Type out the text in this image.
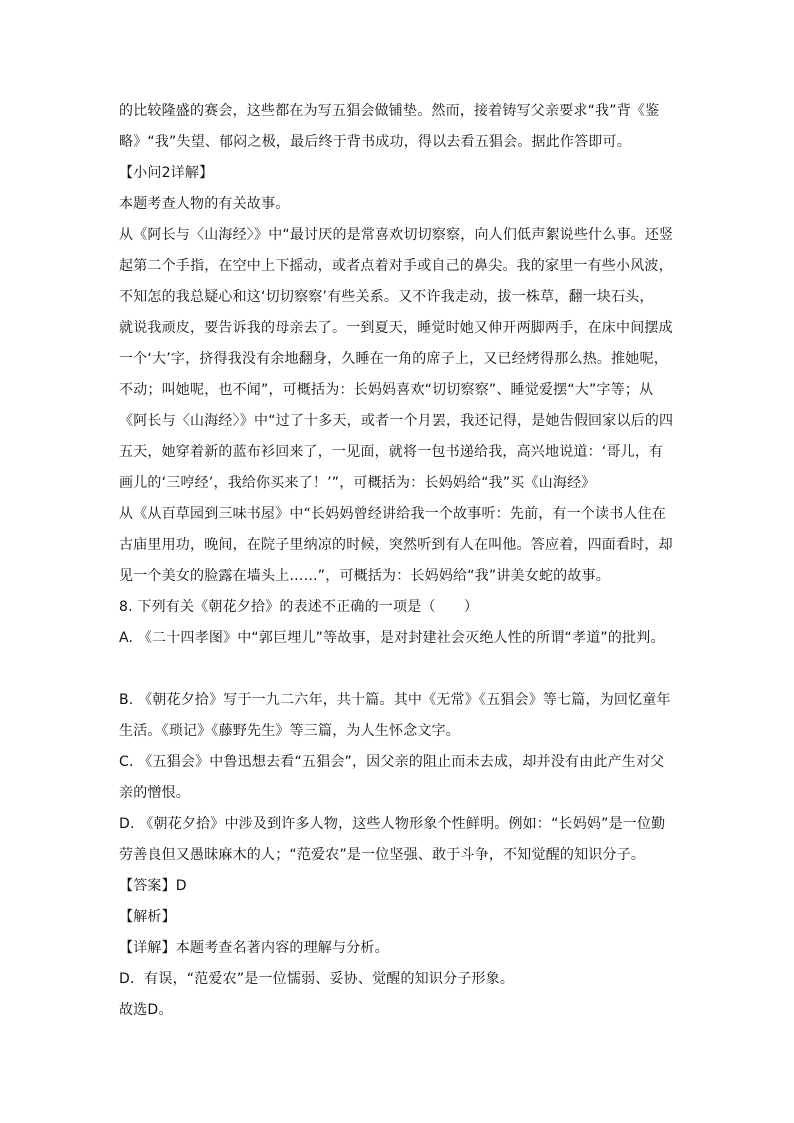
的比较隆盛的赛会，这些都在为写五猖会做铺垫。然而，接着铸写父亲要求“我”背《鉴
略》“我”失望、郁闷之极，最后终于背书成功，得以去看五猖会。据此作答即可。
【小问2详解】
本题考查人物的有关故事。
从《阿长与〈山海经〉》中“最讨厌的是常喜欢切切察察，向人们低声絮说些什么事。还竖
起第二个手指，在空中上下摇动，或者点着对手或自己的鼻尖。我的家里一有些小风波，
不知怎的我总疑心和这‘切切察察’有些关系。又不许我走动，拔一株草，翻一块石头，
就说我顽皮，要告诉我的母亲去了。一到夏天，睡觉时她又伸开两脚两手，在床中间摆成
一个‘大’字，挤得我没有余地翻身，久睡在一角的席子上，又已经烤得那么热。推她呢，
不动；叫她呢，也不闻”，可概括为：长妈妈喜欢“切切察察”、睡觉爱摆“大”字等；从
《阿长与〈山海经〉》中“过了十多天，或者一个月罢，我还记得，是她告假回家以后的四
五天，她穿着新的蓝布衫回来了，一见面，就将一包书递给我，高兴地说道：‘哥儿，有
画儿的‘三哼经’，我给你买来了！’”，可概括为：长妈妈给“我”买《山海经》
从《从百草园到三味书屋》中“长妈妈曾经讲给我一个故事听：先前，有一个读书人住在
古庙里用功，晚间，在院子里纳凉的时候，突然听到有人在叫他。答应着，四面看时，却
见一个美女的脸露在墙头上……”，可概括为：长妈妈给“我”讲美女蛇的故事。
8. 下列有关《朝花夕拾》的表述不正确的一项是（　　）
A. 《二十四孝图》中“郭巨埋儿”等故事，是对封建社会灭绝人性的所谓“孝道”的批判。
B. 《朝花夕拾》写于一九二六年，共十篇。其中《无常》《五猖会》等七篇，为回忆童年
生活。《琐记》《藤野先生》等三篇，为人生怀念文字。
C. 《五猖会》中鲁迅想去看“五猖会”，因父亲的阻止而未去成，却并没有由此产生对父
亲的憎恨。
D. 《朝花夕拾》中涉及到许多人物，这些人物形象个性鲜明。例如：“长妈妈”是一位勤
劳善良但又愚昧麻木的人；“范爱农”是一位坚强、敢于斗争，不知觉醒的知识分子。
【答案】D
【解析】
【详解】本题考查名著内容的理解与分析。
D．有误，“范爱农”是一位懦弱、妥协、觉醒的知识分子形象。
故选D。
